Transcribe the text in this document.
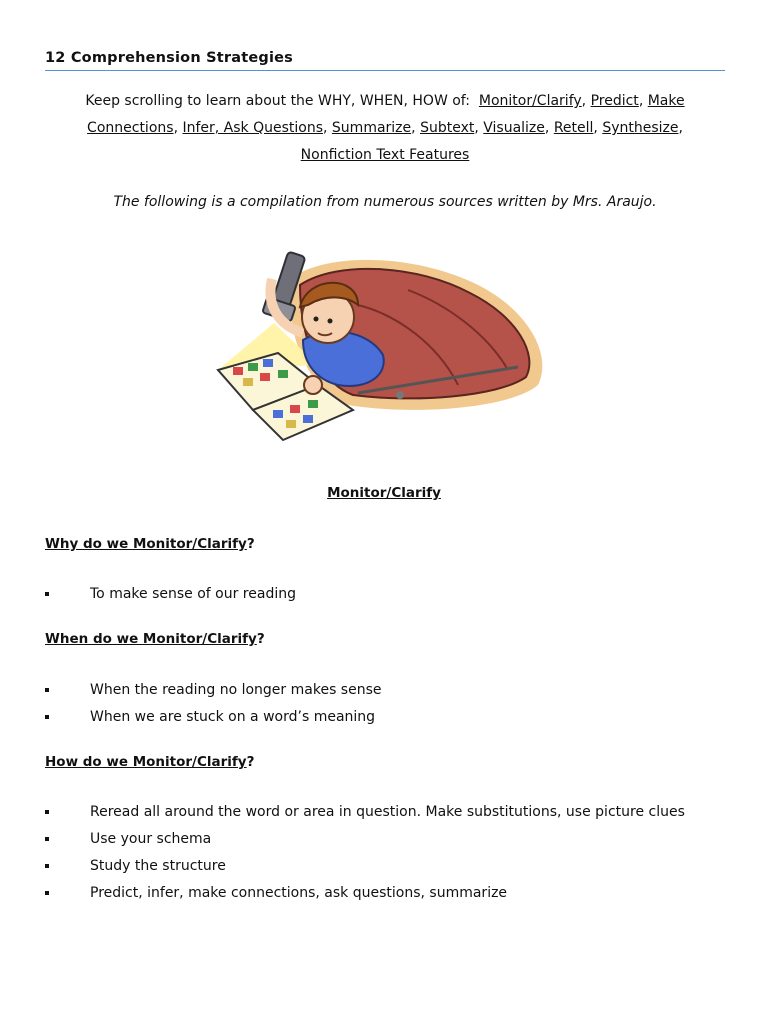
12 Comprehension Strategies
Keep scrolling to learn about the WHY, WHEN, HOW of: Monitor/Clarify, Predict, Make Connections, Infer, Ask Questions, Summarize, Subtext, Visualize, Retell, Synthesize,
Nonfiction Text Features
The following is a compilation from numerous sources written by Mrs. Araujo.
Monitor/Clarify
Why do we Monitor/Clarify?
To make sense of our reading
When do we Monitor/Clarify?
When the reading no longer makes sense
When we are stuck on a word’s meaning
How do we Monitor/Clarify?
Reread all around the word or area in question. Make substitutions, use picture clues
Use your schema
Study the structure
Predict, infer, make connections, ask questions, summarize
